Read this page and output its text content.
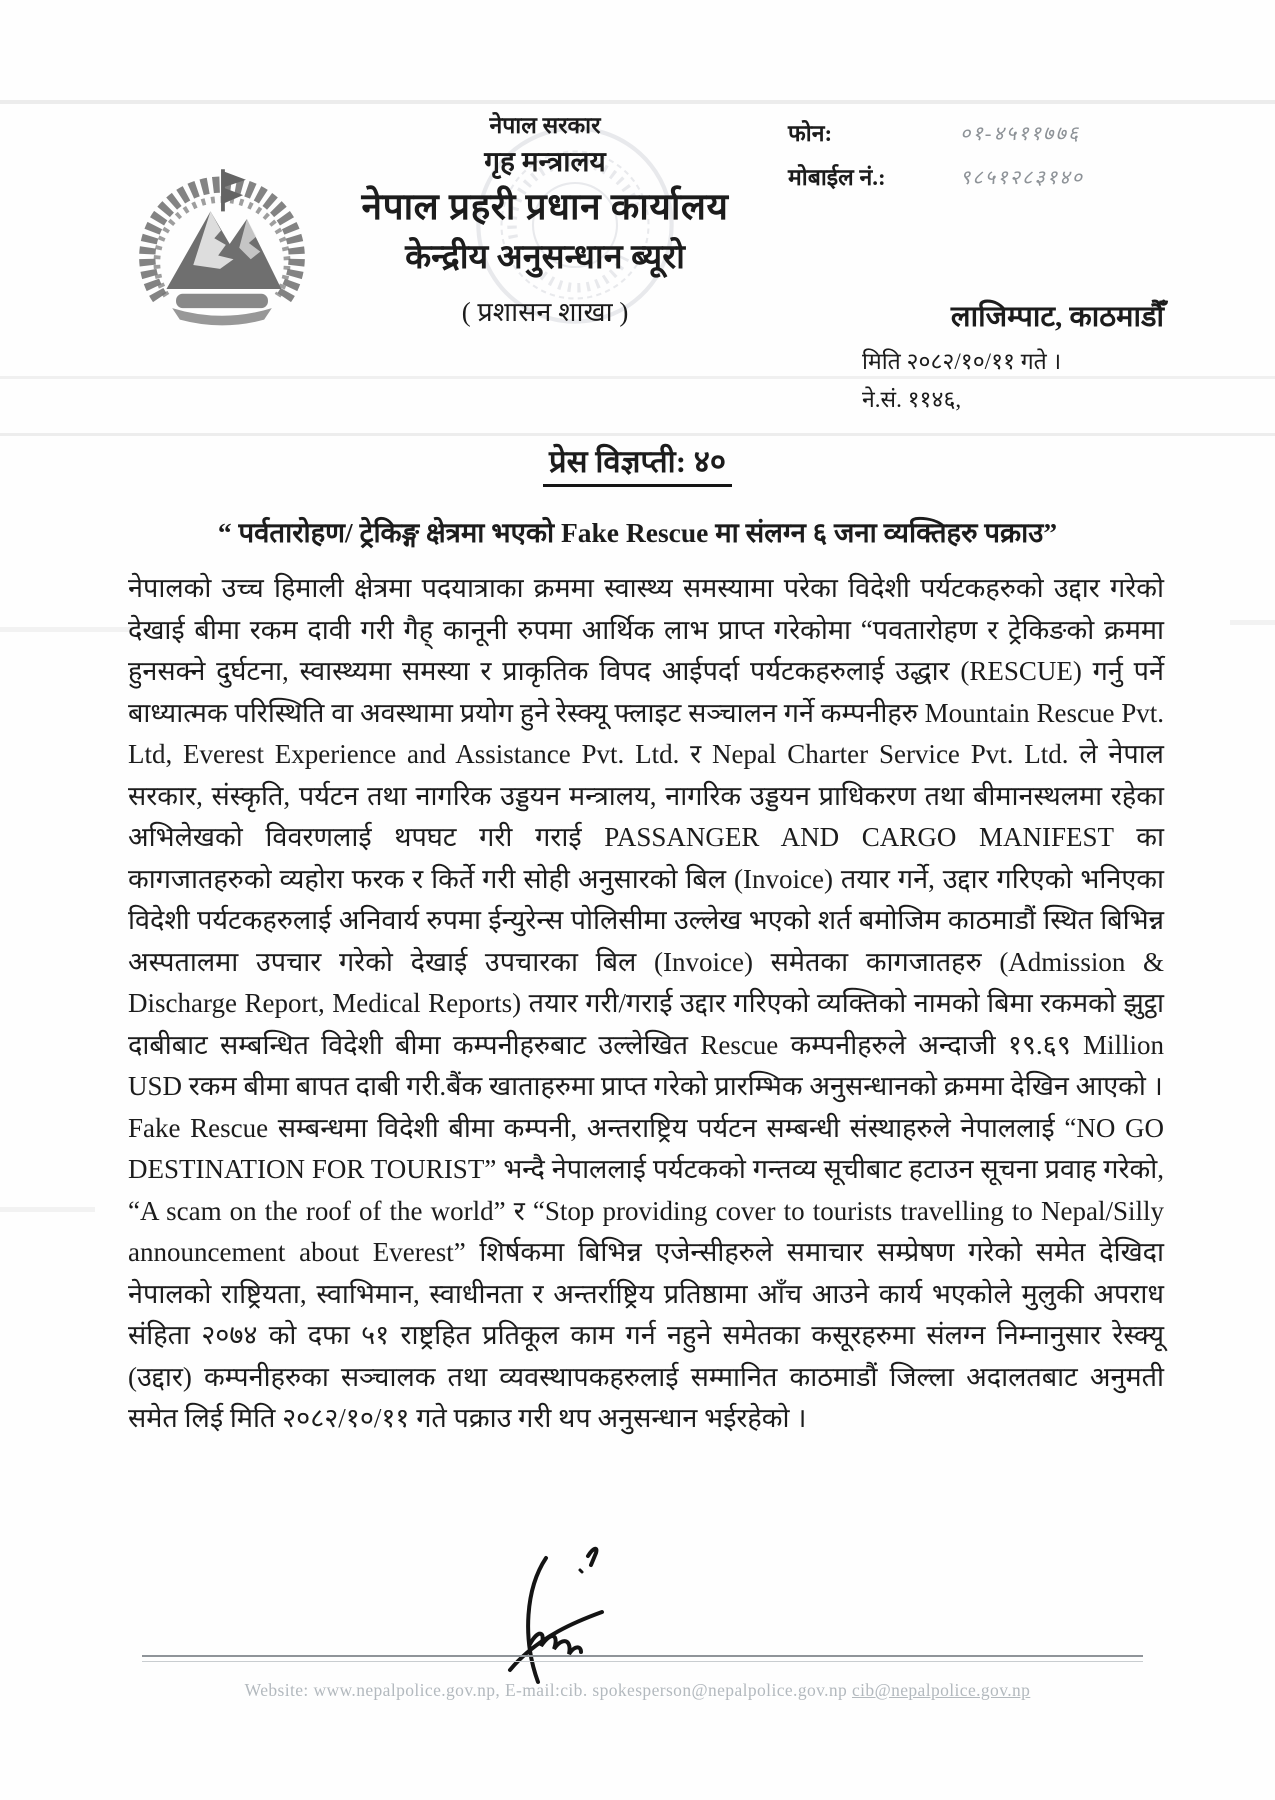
नेपाल सरकार
गृह मन्त्रालय
नेपाल प्रहरी प्रधान कार्यालय
केन्द्रीय अनुसन्धान ब्यूरो
( प्रशासन शाखा )
फोन:	०१-४५११७७६
मोबाईल नं.:	९८५१२८३१४०
लाजिम्पाट, काठमाडौँ
मिति २०८२/१०/११ गते ।
ने.सं. ११४६,
प्रेस विज्ञप्ती: ४०
“ पर्वतारोहण/ ट्रेकिङ्ग क्षेत्रमा भएको Fake Rescue मा संलग्न ६ जना व्यक्तिहरु पक्राउ”

नेपालको उच्च हिमाली क्षेत्रमा पदयात्राका क्रममा स्वास्थ्य समस्यामा परेका विदेशी पर्यटकहरुको उद्दार गरेको देखाई बीमा रकम दावी गरी गैह् कानूनी रुपमा आर्थिक लाभ प्राप्त गरेकोमा “पवतारोहण र ट्रेकिङको क्रममा हुनसक्ने दुर्घटना, स्वास्थ्यमा समस्या र प्राकृतिक विपद आईपर्दा पर्यटकहरुलाई उद्धार (RESCUE) गर्नु पर्ने बाध्यात्मक परिस्थिति वा अवस्थामा प्रयोग हुने रेस्क्यू फ्लाइट सञ्चालन गर्ने कम्पनीहरु Mountain Rescue Pvt. Ltd, Everest Experience and Assistance Pvt. Ltd. र Nepal Charter Service Pvt. Ltd. ले नेपाल सरकार, संस्कृति, पर्यटन तथा नागरिक उड्डयन मन्त्रालय, नागरिक उड्डयन प्राधिकरण तथा बीमानस्थलमा रहेका अभिलेखको विवरणलाई थपघट गरी गराई PASSANGER AND CARGO MANIFEST का कागजातहरुको व्यहोरा फरक र किर्ते गरी सोही अनुसारको बिल (Invoice) तयार गर्ने, उद्दार गरिएको भनिएका विदेशी पर्यटकहरुलाई अनिवार्य रुपमा ईन्युरेन्स पोलिसीमा उल्लेख भएको शर्त बमोजिम काठमाडौं स्थित बिभिन्न अस्पतालमा उपचार गरेको देखाई उपचारका बिल (Invoice) समेतका कागजातहरु (Admission & Discharge Report, Medical Reports) तयार गरी/गराई उद्दार गरिएको व्यक्तिको नामको बिमा रकमको झुट्ठा दाबीबाट सम्बन्धित विदेशी बीमा कम्पनीहरुबाट उल्लेखित Rescue कम्पनीहरुले अन्दाजी १९.६९ Million USD रकम बीमा बापत दाबी गरी.बैंक खाताहरुमा प्राप्त गरेको प्रारम्भिक अनुसन्धानको क्रममा देखिन आएको ।

Fake Rescue सम्बन्धमा विदेशी बीमा कम्पनी, अन्तराष्ट्रिय पर्यटन सम्बन्धी संस्थाहरुले नेपाललाई “NO GO DESTINATION FOR TOURIST” भन्दै नेपाललाई पर्यटकको गन्तव्य सूचीबाट हटाउन सूचना प्रवाह गरेको, “A scam on the roof of the world” र “Stop providing cover to tourists travelling to Nepal/Silly announcement about Everest” शिर्षकमा बिभिन्न एजेन्सीहरुले समाचार सम्प्रेषण गरेको समेत देखिदा नेपालको राष्ट्रियता, स्वाभिमान, स्वाधीनता र अन्तर्राष्ट्रिय प्रतिष्ठामा आँच आउने कार्य भएकोले मुलुकी अपराध संहिता २०७४ को दफा ५१ राष्ट्रहित प्रतिकूल काम गर्न नहुने समेतका कसूरहरुमा संलग्न निम्नानुसार रेस्क्यू (उद्दार) कम्पनीहरुका सञ्चालक तथा व्यवस्थापकहरुलाई सम्मानित काठमाडौं जिल्ला अदालतबाट अनुमती समेत लिई मिति २०८२/१०/११ गते पक्राउ गरी थप अनुसन्धान भईरहेको ।

Website: www.nepalpolice.gov.np, E-mail:cib. spokesperson@nepalpolice.gov.np cib@nepalpolice.gov.np
